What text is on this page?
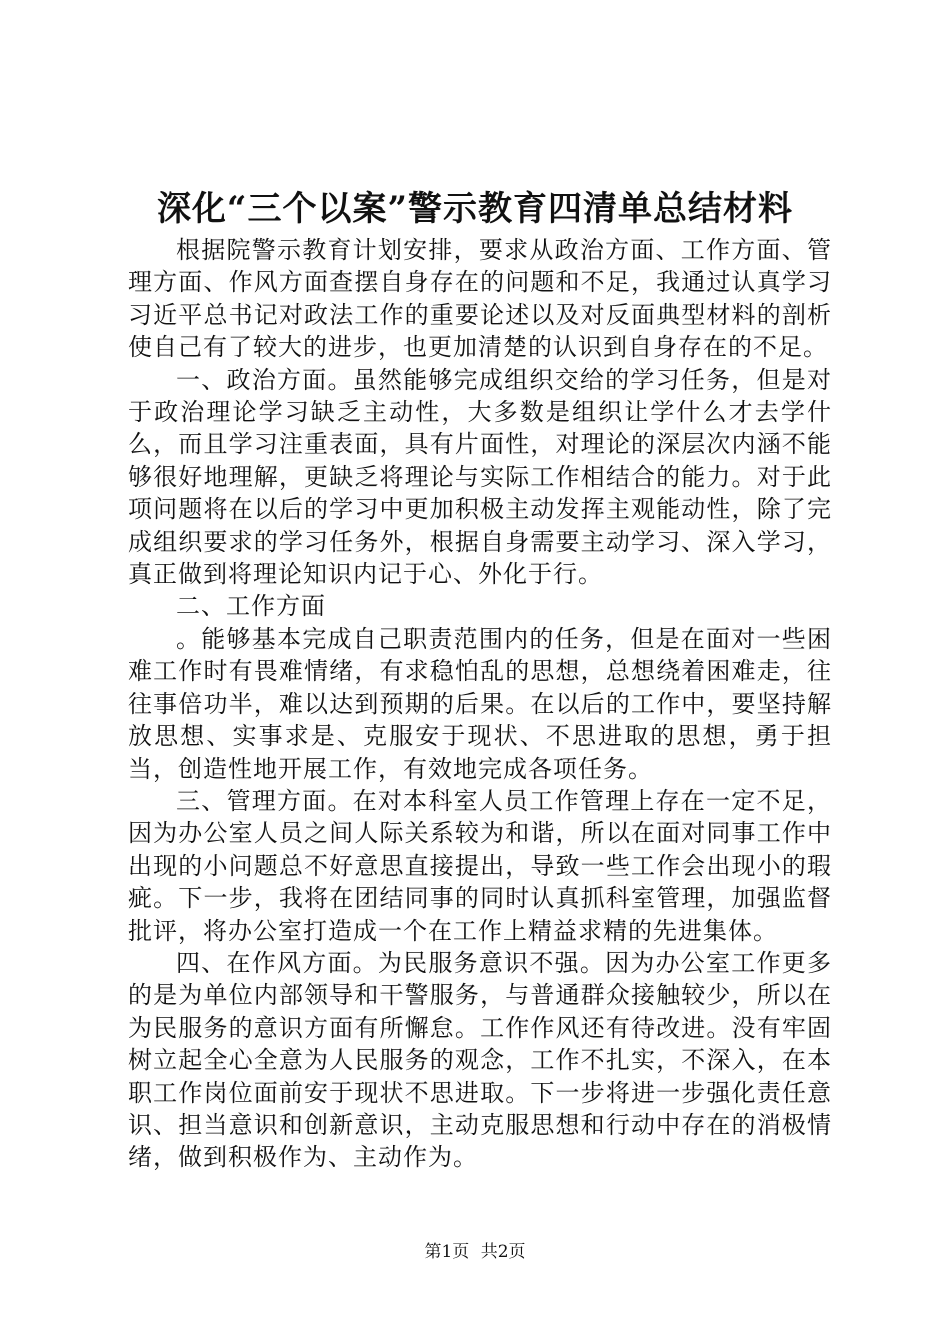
深化“三个以案”警示教育四清单总结材料

根据院警示教育计划安排，要求从政治方面、工作方面、管理方面、作风方面查摆自身存在的问题和不足，我通过认真学习习近平总书记对政法工作的重要论述以及对反面典型材料的剖析使自己有了较大的进步，也更加清楚的认识到自身存在的不足。

一、政治方面。虽然能够完成组织交给的学习任务，但是对于政治理论学习缺乏主动性，大多数是组织让学什么才去学什么，而且学习注重表面，具有片面性，对理论的深层次内涵不能够很好地理解，更缺乏将理论与实际工作相结合的能力。对于此项问题将在以后的学习中更加积极主动发挥主观能动性，除了完成组织要求的学习任务外，根据自身需要主动学习、深入学习，真正做到将理论知识内记于心、外化于行。

二、工作方面

。能够基本完成自己职责范围内的任务，但是在面对一些困难工作时有畏难情绪，有求稳怕乱的思想，总想绕着困难走，往往事倍功半，难以达到预期的后果。在以后的工作中，要坚持解放思想、实事求是、克服安于现状、不思进取的思想，勇于担当，创造性地开展工作，有效地完成各项任务。

三、管理方面。在对本科室人员工作管理上存在一定不足，因为办公室人员之间人际关系较为和谐，所以在面对同事工作中出现的小问题总不好意思直接提出，导致一些工作会出现小的瑕疵。下一步，我将在团结同事的同时认真抓科室管理，加强监督批评，将办公室打造成一个在工作上精益求精的先进集体。

四、在作风方面。为民服务意识不强。因为办公室工作更多的是为单位内部领导和干警服务，与普通群众接触较少，所以在为民服务的意识方面有所懈怠。工作作风还有待改进。没有牢固树立起全心全意为人民服务的观念，工作不扎实，不深入，在本职工作岗位面前安于现状不思进取。下一步将进一步强化责任意识、担当意识和创新意识，主动克服思想和行动中存在的消极情绪，做到积极作为、主动作为。

第1页 共2页
